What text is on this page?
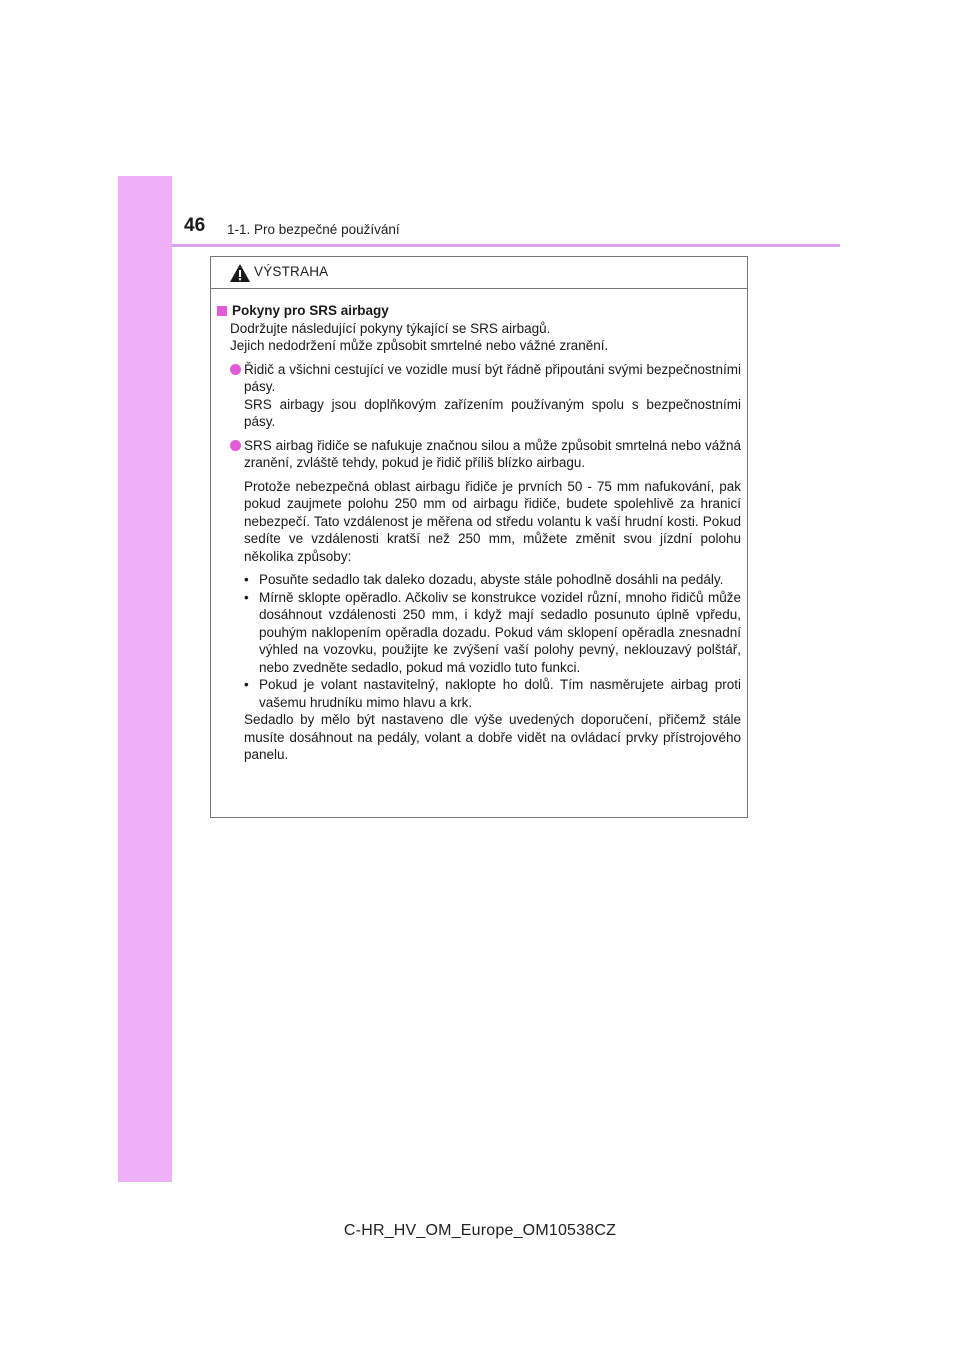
46 1-1. Pro bezpečné používání
VÝSTRAHA
Pokyny pro SRS airbagy
Dodržujte následující pokyny týkající se SRS airbagů.
Jejich nedodržení může způsobit smrtelné nebo vážné zranění.
Řidič a všichni cestující ve vozidle musí být řádně připoutáni svými bezpečnostními pásy.
SRS airbagy jsou doplňkovým zařízením používaným spolu s bezpečnostními pásy.
SRS airbag řidiče se nafukuje značnou silou a může způsobit smrtelná nebo vážná zranění, zvláště tehdy, pokud je řidič příliš blízko airbagu.
Protože nebezpečná oblast airbagu řidiče je prvních 50 - 75 mm nafukování, pak pokud zaujmete polohu 250 mm od airbagu řidiče, budete spolehlivě za hranicí nebezpečí. Tato vzdálenost je měřena od středu volantu k vaší hrudní kosti. Pokud sedíte ve vzdálenosti kratší než 250 mm, můžete změnit svou jízdní polohu několika způsoby:
• Posuňte sedadlo tak daleko dozadu, abyste stále pohodlně dosáhli na pedály.
• Mírně sklopte opěradlo. Ačkoliv se konstrukce vozidel různí, mnoho řidičů může dosáhnout vzdálenosti 250 mm, i když mají sedadlo posunuto úplně vpředu, pouhým naklopením opěradla dozadu. Pokud vám sklopení opěradla znesnadní výhled na vozovku, použijte ke zvýšení vaší polohy pevný, neklouzavý polštář, nebo zvedněte sedadlo, pokud má vozidlo tuto funkci.
• Pokud je volant nastavitelný, naklopte ho dolů. Tím nasměrujete airbag proti vašemu hrudníku mimo hlavu a krk.
Sedadlo by mělo být nastaveno dle výše uvedených doporučení, přičemž stále musíte dosáhnout na pedály, volant a dobře vidět na ovládací prvky přístrojového panelu.
C-HR_HV_OM_Europe_OM10538CZ
